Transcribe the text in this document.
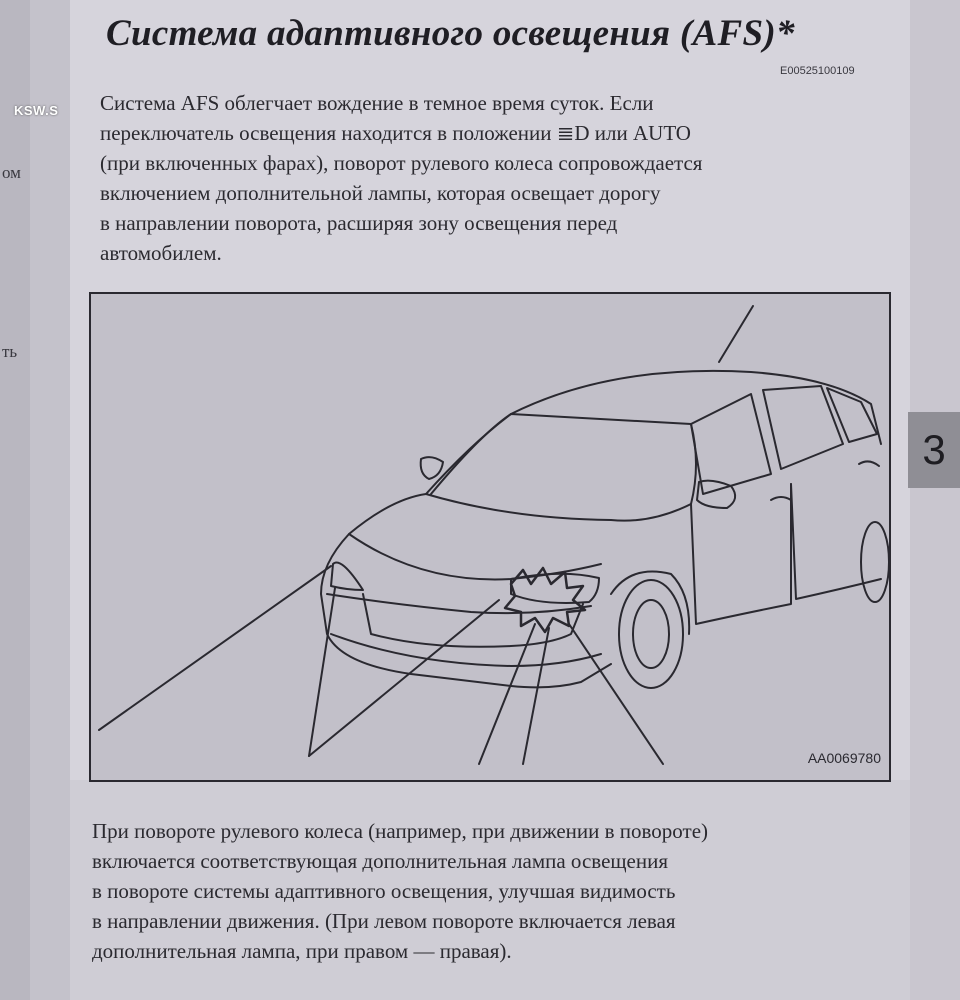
ом
ть
KSW.S
Система адаптивного освещения (AFS)*
E00525100109
Система AFS облегчает вождение в темное время суток. Если
переключатель освещения находится в положении ≣D или AUTO
(при включенных фарах), поворот рулевого колеса сопровождается
включением дополнительной лампы, которая освещает дорогу
в направлении поворота, расширяя зону освещения перед
автомобилем.
AA0069780
При повороте рулевого колеса (например, при движении в повороте)
включается соответствующая дополнительная лампа освещения
в повороте системы адаптивного освещения, улучшая видимость
в направлении движения. (При левом повороте включается левая
дополнительная лампа, при правом — правая).
3
